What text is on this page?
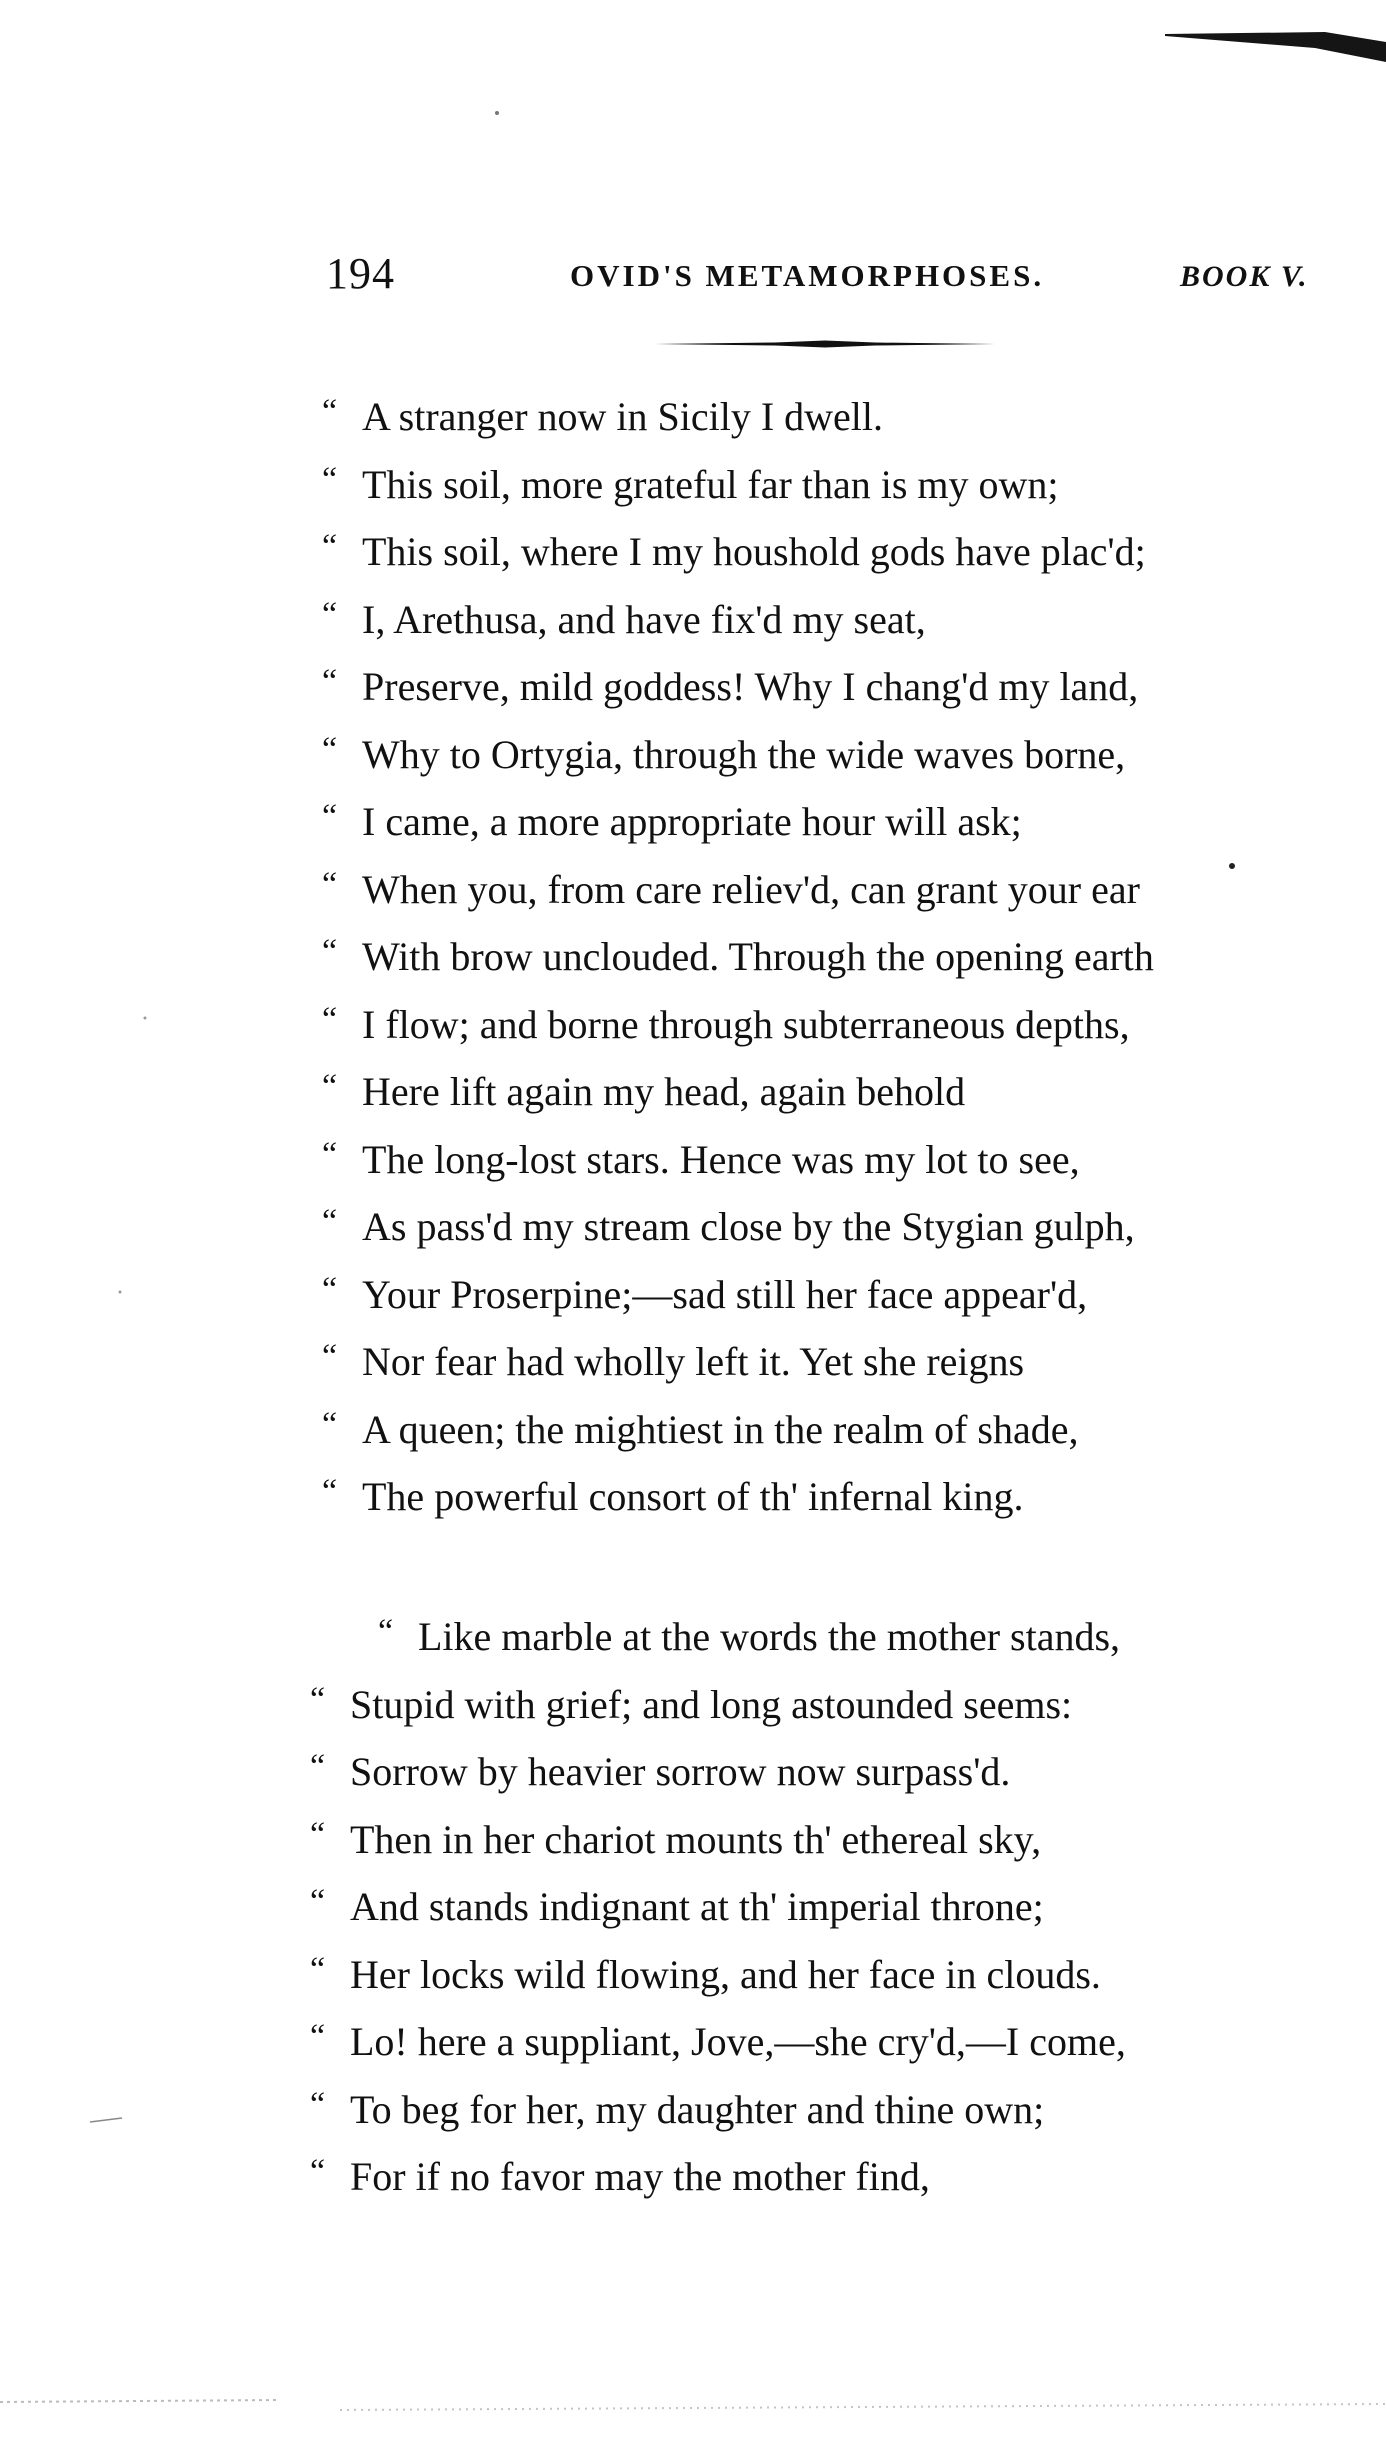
194	OVID'S METAMORPHOSES.	BOOK V.
“ A stranger now in Sicily I dwell.
“ This soil, more grateful far than is my own;
“ This soil, where I my houshold gods have plac'd;
“ I, Arethusa, and have fix'd my seat,
“ Preserve, mild goddess! Why I chang'd my land,
“ Why to Ortygia, through the wide waves borne,
“ I came, a more appropriate hour will ask;
“ When you, from care reliev'd, can grant your ear
“ With brow unclouded. Through the opening earth
“ I flow; and borne through subterraneous depths,
“ Here lift again my head, again behold
“ The long-lost stars. Hence was my lot to see,
“ As pass'd my stream close by the Stygian gulph,
“ Your Proserpine;—sad still her face appear'd,
“ Nor fear had wholly left it. Yet she reigns
“ A queen; the mightiest in the realm of shade,
“ The powerful consort of th' infernal king.
“ Like marble at the words the mother stands,
“ Stupid with grief; and long astounded seems:
“ Sorrow by heavier sorrow now surpass'd.
“ Then in her chariot mounts th' ethereal sky,
“ And stands indignant at th' imperial throne;
“ Her locks wild flowing, and her face in clouds.
“ Lo! here a suppliant, Jove,—she cry'd,—I come,
“ To beg for her, my daughter and thine own;
“ For if no favor may the mother find,
